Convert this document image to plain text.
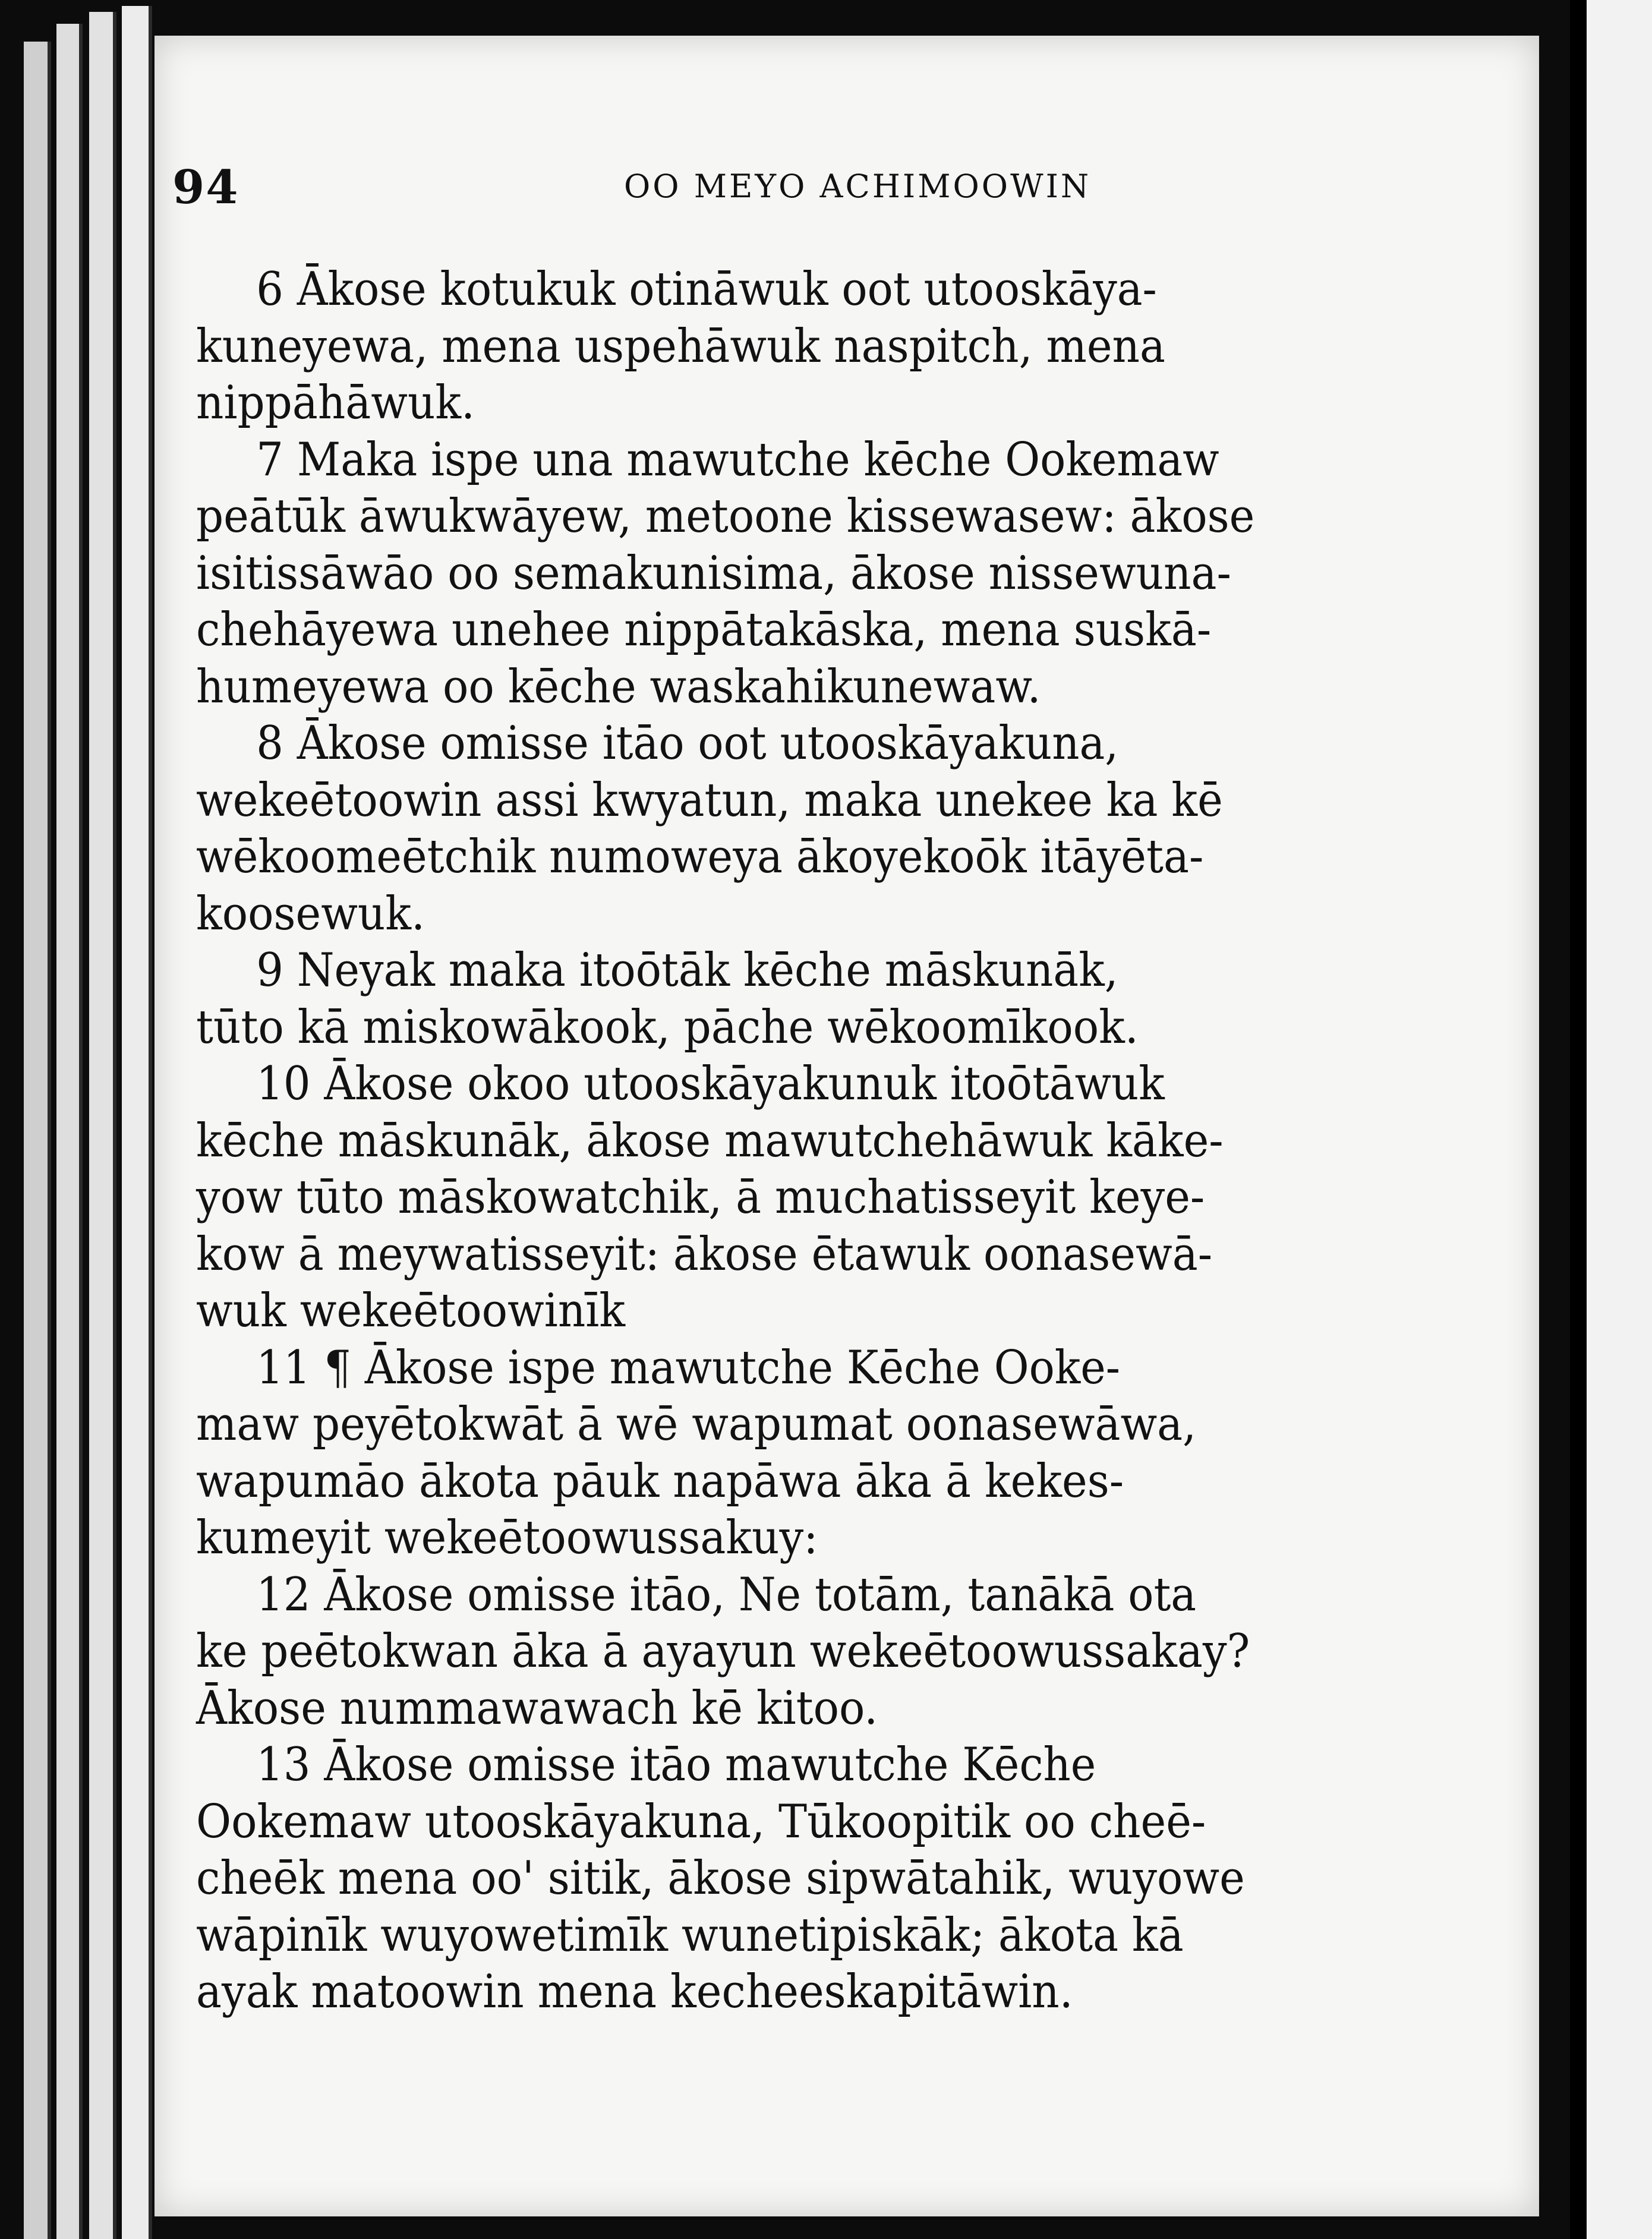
94	OO MEYO ACHIMOOWIN
6 Ākose kotukuk otināwuk oot utooskāya-kuneyewa, mena uspehāwuk naspitch, menanippāhāwuk.7 Maka ispe una mawutche kēche Ookemawpeātūk āwukwāyew, metoone kissewasew: ākoseisitissāwāo oo semakunisima, ākose nissewuna-chehāyewa unehee nippātakāska, mena suskā-humeyewa oo kēche waskahikunewaw.8 Ākose omisse itāo oot utooskāyakuna,wekeētoowin assi kwyatun, maka unekee ka kēwēkoomeētchik numoweya ākoyekoōk itāyēta-koosewuk.9 Neyak maka itoōtāk kēche māskunāk,tūto kā miskowākook, pāche wēkoomīkook.10 Ākose okoo utooskāyakunuk itoōtāwukkēche māskunāk, ākose mawutchehāwuk kāke-yow tūto māskowatchik, ā muchatisseyit keye-kow ā meywatisseyit: ākose ētawuk oonasewā-wuk wekeētoowinīk11 ¶ Ākose ispe mawutche Kēche Ooke-maw peyētokwāt ā wē wapumat oonasewāwa,wapumāo ākota pāuk napāwa āka ā kekes-kumeyit wekeētoowussakuy:12 Ākose omisse itāo, Ne totām, tanākā otake peētokwan āka ā ayayun wekeētoowussakay?Ākose nummawawach kē kitoo.13 Ākose omisse itāo mawutche KēcheOokemaw utooskāyakuna, Tūkoopitik oo cheē-cheēk mena oo' sitik, ākose sipwātahik, wuyowewāpinīk wuyowetimīk wunetipiskāk; ākota kāayak matoowin mena kecheeskapitāwin.
